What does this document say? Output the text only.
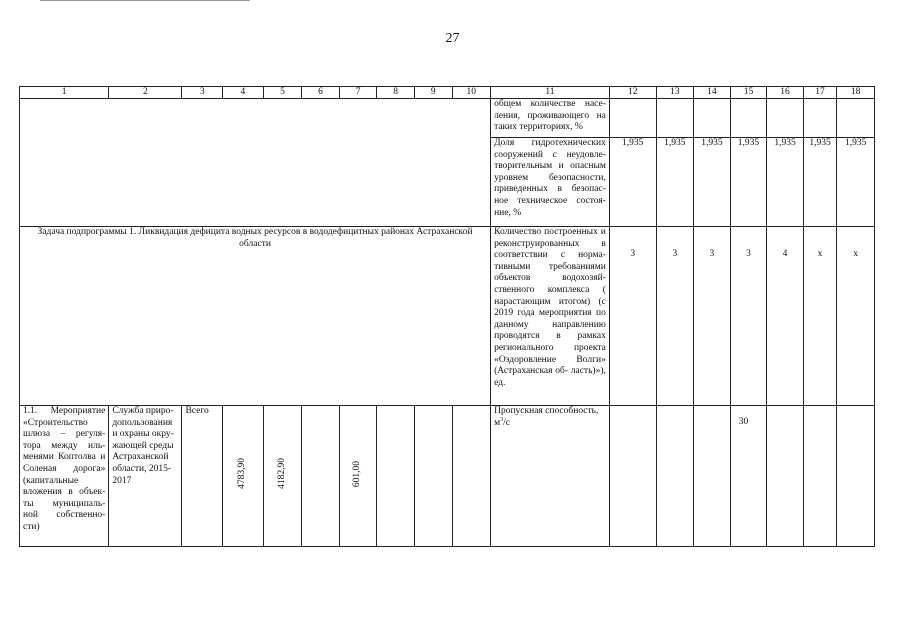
27
1	2	3	4	5	6	7	8	9	10	11	12	13	14	15	16	17	18
										общем количестве насе- ления, проживающего на таких территориях, %							
										Доля гидротехнических сооружений с неудовле- творительным и опасным уровнем безопасности, приведенных в безопас- ное техническое состоя- ние, %	1,935	1,935	1,935	1,935	1,935	1,935	1,935
Задача подпрограммы 1. Ликвидация дефицита водных ресурсов в вододефицитных районах Астраханской области										Количество построенных и реконструированных в соответствии с норма- тивными требованиями объектов водохозяй- ственного комплекса ( нарастающим итогом) (с 2019 года мероприятия по данному направлению проводятся в рамках регионального проекта «Оздоровление Волги» (Астраханская об- ласть)»), ед.	3	3	3	3	4	х	х
1.1. Мероприятие «Строительство шлюза – регуля- тора между иль- менями Коптолва и Соленая дорога» (капитальные вложения в объек- ты муниципаль- ной собственно- сти)	Служба приро- допользования и охраны окру- жающей среды Астраханской области, 2015- 2017	Всего	4783,90	4182,90		601,00				Пропускная способность, $м^3/с$				30			
